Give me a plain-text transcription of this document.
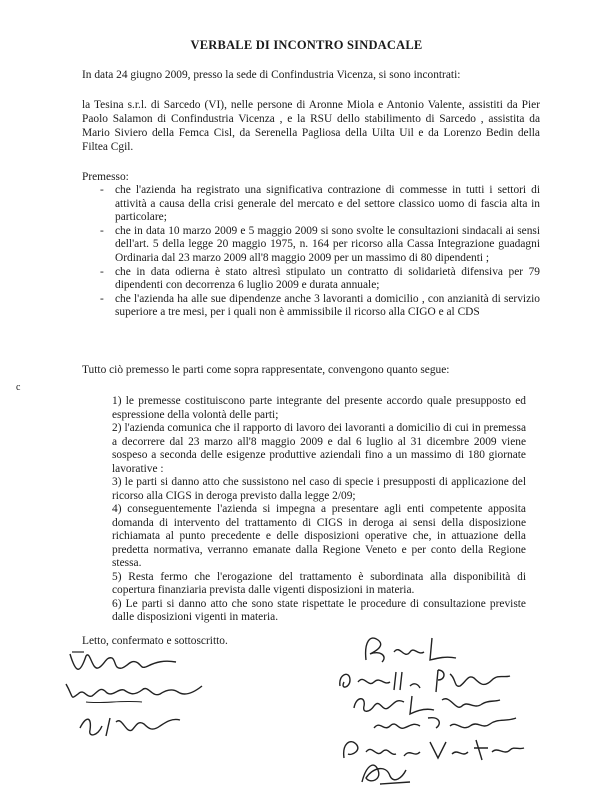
VERBALE DI INCONTRO SINDACALE
In data 24 giugno 2009, presso la sede di Confindustria Vicenza, si sono incontrati:
la Tesina s.r.l. di Sarcedo (VI), nelle persone di Aronne Miola e Antonio Valente, assistiti da Pier Paolo Salamon di Confindustria Vicenza , e la RSU dello stabilimento di Sarcedo , assistita da Mario Siviero della Femca Cisl, da Serenella Pagliosa della Uilta Uil e da Lorenzo Bedin della Filtea Cgil.
Premesso:
- che l'azienda ha registrato una significativa contrazione di commesse in tutti i settori di attività a causa della crisi generale del mercato e del settore classico uomo di fascia alta in particolare;
- che in data 10 marzo 2009 e 5 maggio 2009 si sono svolte le consultazioni sindacali ai sensi dell'art. 5 della legge 20 maggio 1975, n. 164 per ricorso alla Cassa Integrazione guadagni Ordinaria dal 23 marzo 2009 all'8 maggio 2009 per un massimo di 80 dipendenti ;
- che in data odierna è stato altresì stipulato un contratto di solidarietà difensiva per 79 dipendenti con decorrenza 6 luglio 2009 e durata annuale;
- che l'azienda ha alle sue dipendenze anche 3 lavoranti a domicilio , con anzianità di servizio superiore a tre mesi, per i quali non è ammissibile il ricorso alla CIGO e al CDS
Tutto ciò premesso le parti come sopra rappresentate, convengono quanto segue:
c
1) le premesse costituiscono parte integrante del presente accordo quale presupposto ed espressione della volontà delle parti;
2) l'azienda comunica che il rapporto di lavoro dei lavoranti a domicilio di cui in premessa a decorrere dal 23 marzo all'8 maggio 2009 e dal 6 luglio al 31 dicembre 2009 viene sospeso a seconda delle esigenze produttive aziendali fino a un massimo di 180 giornate lavorative :
3) le parti si danno atto che sussistono nel caso di specie i presupposti di applicazione del ricorso alla CIGS in deroga previsto dalla legge 2/09;
4) conseguentemente l'azienda si impegna a presentare agli enti competente apposita domanda di intervento del trattamento di CIGS in deroga ai sensi della disposizione richiamata al punto precedente e delle disposizioni operative che, in attuazione della predetta normativa, verranno emanate dalla Regione Veneto e per conto della Regione stessa.
5) Resta fermo che l'erogazione del trattamento è subordinata alla disponibilità di copertura finanziaria prevista dalle vigenti disposizioni in materia.
6) Le parti si danno atto che sono state rispettate le procedure di consultazione previste dalle disposizioni vigenti in materia.
Letto, confermato e sottoscritto.
